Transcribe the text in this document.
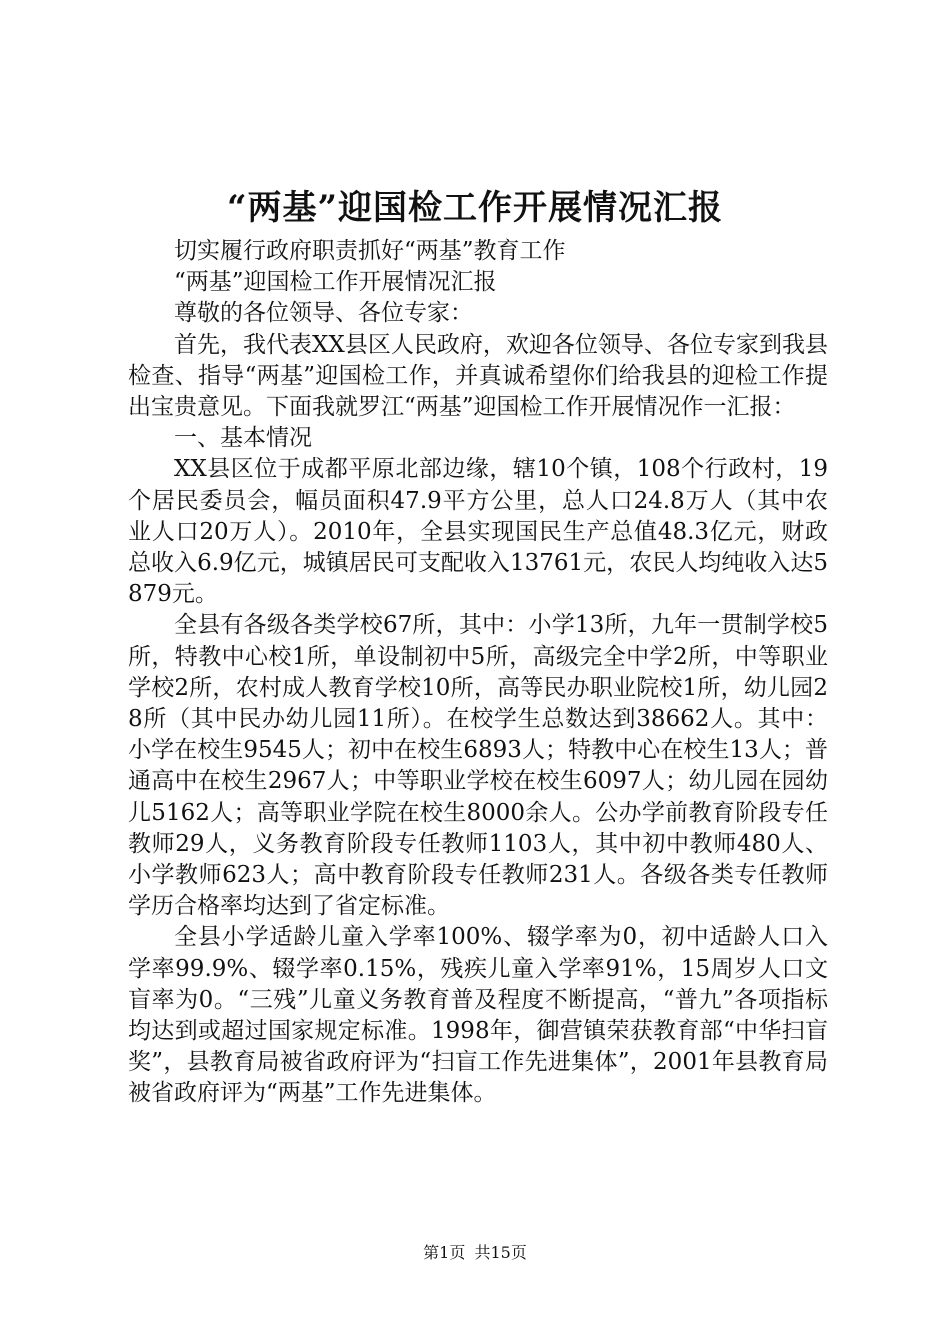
“两基”迎国检工作开展情况汇报

切实履行政府职责抓好“两基”教育工作

“两基”迎国检工作开展情况汇报

尊敬的各位领导、各位专家：

首先，我代表XX县区人民政府，欢迎各位领导、各位专家到我县检查、指导“两基”迎国检工作，并真诚希望你们给我县的迎检工作提出宝贵意见。下面我就罗江“两基”迎国检工作开展情况作一汇报：

一、基本情况

XX县区位于成都平原北部边缘，辖10个镇，108个行政村，19个居民委员会，幅员面积47.9平方公里，总人口24.8万人（其中农业人口20万人）。2010年，全县实现国民生产总值48.3亿元，财政总收入6.9亿元，城镇居民可支配收入13761元，农民人均纯收入达5879元。

全县有各级各类学校67所，其中：小学13所，九年一贯制学校5所，特教中心校1所，单设制初中5所，高级完全中学2所，中等职业学校2所，农村成人教育学校10所，高等民办职业院校1所，幼儿园28所（其中民办幼儿园11所）。在校学生总数达到38662人。其中：小学在校生9545人；初中在校生6893人；特教中心在校生13人；普通高中在校生2967人；中等职业学校在校生6097人；幼儿园在园幼儿5162人；高等职业学院在校生8000余人。公办学前教育阶段专任教师29人，义务教育阶段专任教师1103人，其中初中教师480人、小学教师623人；高中教育阶段专任教师231人。各级各类专任教师学历合格率均达到了省定标准。

全县小学适龄儿童入学率100%、辍学率为0，初中适龄人口入学率99.9%、辍学率0.15%，残疾儿童入学率91%，15周岁人口文盲率为0。“三残”儿童义务教育普及程度不断提高，“普九”各项指标均达到或超过国家规定标准。1998年，御营镇荣获教育部“中华扫盲奖”，县教育局被省政府评为“扫盲工作先进集体”，2001年县教育局被省政府评为“两基”工作先进集体。

第1页 共15页
